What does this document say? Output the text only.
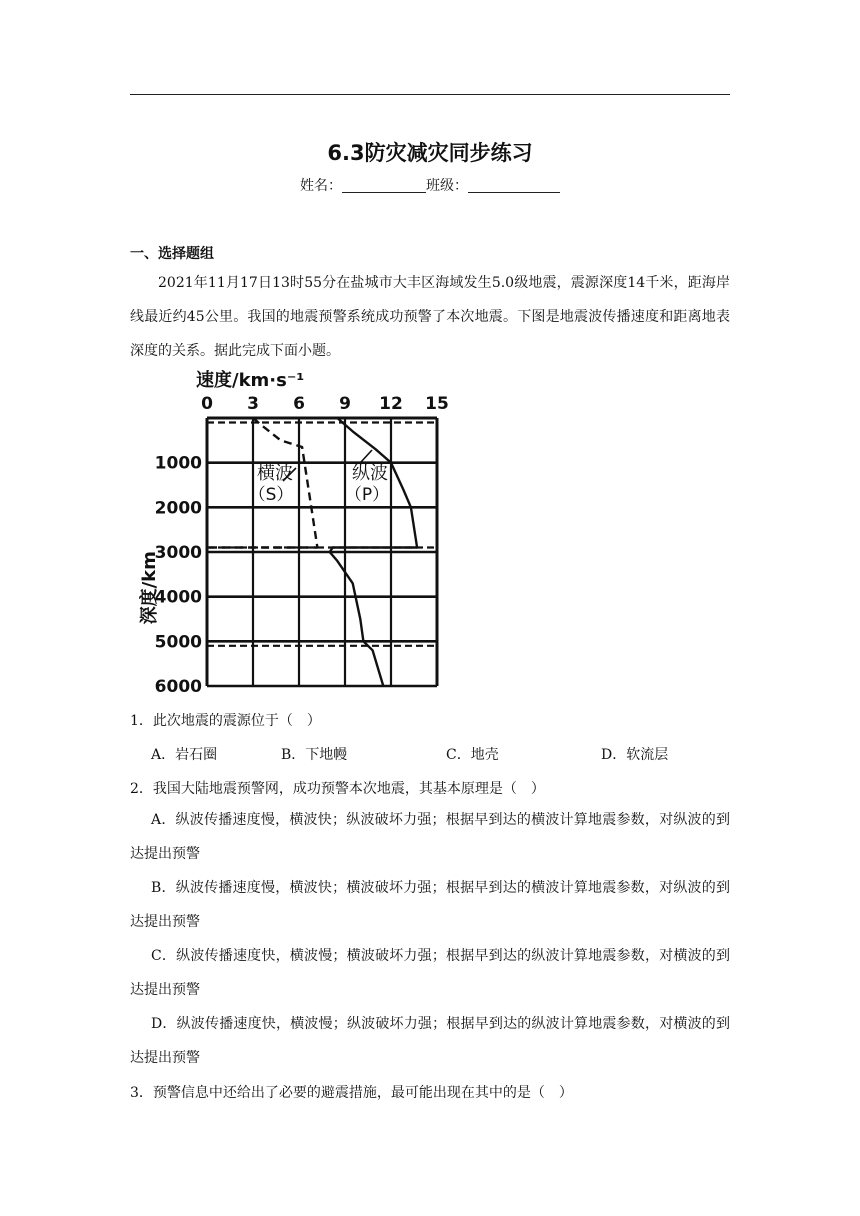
6.3防灾减灾同步练习
姓名：	班级：
一、选择题组

2021年11月17日13时55分在盐城市大丰区海域发生5.0级地震，震源深度14千米，距海岸线最近约45公里。我国的地震预警系统成功预警了本次地震。下图是地震波传播速度和距离地表深度的关系。据此完成下面小题。

速度/km·s⁻¹
0 3 6 9 12 15
1000
2000
3000
4000
5000
6000
深度/km
横波
（S）
纵波
（P）
1．此次地震的震源位于（　）
A．岩石圈	B．下地幔	C．地壳	D．软流层
2．我国大陆地震预警网，成功预警本次地震，其基本原理是（　）

A．纵波传播速度慢，横波快；纵波破坏力强；根据早到达的横波计算地震参数，对纵波的到达提出预警

B．纵波传播速度慢，横波快；横波破坏力强；根据早到达的横波计算地震参数，对纵波的到达提出预警

C．纵波传播速度快，横波慢；横波破坏力强；根据早到达的纵波计算地震参数，对横波的到达提出预警

D．纵波传播速度快，横波慢；纵波破坏力强；根据早到达的纵波计算地震参数，对横波的到达提出预警

3．预警信息中还给出了必要的避震措施，最可能出现在其中的是（　）
